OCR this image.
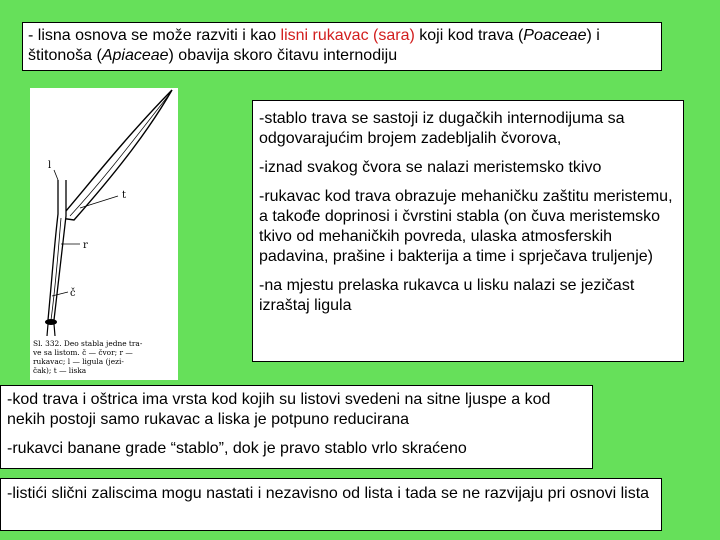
- lisna osnova se može razviti i kao lisni rukavac (sara) koji kod trava (Poaceae) i štitonoša (Apiaceae) obavija skoro čitavu internodiju
l
t
r
č
Sl. 332. Deo stabla jedne tra-
ve sa listom. č — čvor; r —
rukavac; l — ligula (jezi-
čak); t — liska

-stablo trava se sastoji iz dugačkih internodijuma sa odgovarajućim brojem zadebljalih čvorova,

-iznad svakog čvora se nalazi meristemsko tkivo

-rukavac kod trava obrazuje mehaničku zaštitu meristemu, a takođe doprinosi i čvrstini stabla (on čuva meristemsko tkivo od mehaničkih povreda, ulaska atmosferskih padavina, prašine i bakterija a time i sprječava truljenje)

-na mjestu prelaska rukavca u lisku nalazi se jezičast izraštaj ligula

-kod trava i oštrica ima vrsta kod kojih su listovi svedeni na sitne ljuspe a kod nekih postoji samo rukavac a liska je potpuno reducirana

-rukavci banane grade “stablo”, dok je pravo stablo vrlo skraćeno

-listići slični zaliscima mogu nastati i nezavisno od lista i tada se ne razvijaju pri osnovi lista
